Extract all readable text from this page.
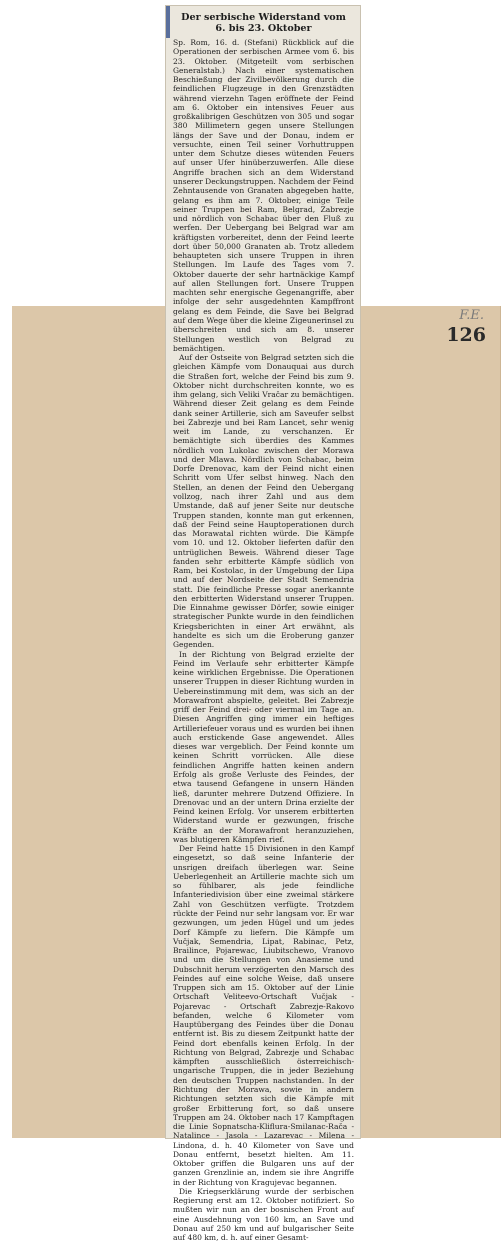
F.E.
126
Der serbische Widerstand vom
6. bis 23. Oktober

Sp. Rom, 16. d. (Stefani) Rückblick auf die Operationen der serbischen Armee vom 6. bis 23. Oktober. (Mitgeteilt vom serbischen Generalstab.) Nach einer systematischen Beschießung der Zivilbevölkerung durch die feindlichen Flugzeuge in den Grenzstädten während vierzehn Tagen eröffnete der Feind am 6. Oktober ein intensives Feuer aus großkalibrigen Geschützen von 305 und sogar 380 Millimetern gegen unsere Stellungen längs der Save und der Donau, indem er versuchte, einen Teil seiner Vorhuttruppen unter dem Schutze dieses wütenden Feuers auf unser Ufer hinüberzuwerfen. Alle diese Angriffe brachen sich an dem Widerstand unserer Deckungstruppen. Nachdem der Feind Zehntausende von Granaten abgegeben hatte, gelang es ihm am 7. Oktober, einige Teile seiner Truppen bei Ram, Belgrad, Zabrezje und nördlich von Schabac über den Fluß zu werfen. Der Uebergang bei Belgrad war am kräftigsten vorbereitet, denn der Feind leerte dort über 50,000 Granaten ab. Trotz alledem behaupteten sich unsere Truppen in ihren Stellungen. Im Laufe des Tages vom 7. Oktober dauerte der sehr hartnäckige Kampf auf allen Stellungen fort. Unsere Truppen machten sehr energische Gegenangriffe, aber infolge der sehr ausgedehnten Kampffront gelang es dem Feinde, die Save bei Belgrad auf dem Wege über die kleine Zigeunerinsel zu überschreiten und sich am 8. unserer Stellungen westlich von Belgrad zu bemächtigen.

Auf der Ostseite von Belgrad setzten sich die gleichen Kämpfe vom Donauquai aus durch die Straßen fort, welche der Feind bis zum 9. Oktober nicht durchschreiten konnte, wo es ihm gelang, sich Veliki Vračar zu bemächtigen. Während dieser Zeit gelang es dem Feinde dank seiner Artillerie, sich am Saveufer selbst bei Zabrezje und bei Ram Lancet, sehr wenig weit im Lande, zu verschanzen. Er bemächtigte sich überdies des Kammes nördlich von Lukolac zwischen der Morawa und der Mlawa. Nördlich von Schabac, beim Dorfe Drenovac, kam der Feind nicht einen Schritt vom Ufer selbst hinweg. Nach den Stellen, an denen der Feind den Uebergang vollzog, nach ihrer Zahl und aus dem Umstande, daß auf jener Seite nur deutsche Truppen standen, konnte man gut erkennen, daß der Feind seine Hauptoperationen durch das Morawatal richten würde. Die Kämpfe vom 10. und 12. Oktober lieferten dafür den untrüglichen Beweis. Während dieser Tage fanden sehr erbitterte Kämpfe südlich von Ram, bei Kostolac, in der Umgebung der Lipa und auf der Nordseite der Stadt Semendria statt. Die feindliche Presse sogar anerkannte den erbitterten Widerstand unserer Truppen. Die Einnahme gewisser Dörfer, sowie einiger strategischer Punkte wurde in den feindlichen Kriegsberichten in einer Art erwähnt, als handelte es sich um die Eroberung ganzer Gegenden.

In der Richtung von Belgrad erzielte der Feind im Verlaufe sehr erbitterter Kämpfe keine wirklichen Ergebnisse. Die Operationen unserer Truppen in dieser Richtung wurden in Uebereinstimmung mit dem, was sich an der Morawafront abspielte, geleitet. Bei Zabrezje griff der Feind drei- oder viermal im Tage an. Diesen Angriffen ging immer ein heftiges Artilleriefeuer voraus und es wurden bei ihnen auch erstickende Gase angewendet. Alles dieses war vergeblich. Der Feind konnte um keinen Schritt vorrücken. Alle diese feindlichen Angriffe hatten keinen andern Erfolg als große Verluste des Feindes, der etwa tausend Gefangene in unsern Händen ließ, darunter mehrere Dutzend Offiziere. In Drenovac und an der untern Drina erzielte der Feind keinen Erfolg. Vor unserem erbitterten Widerstand wurde er gezwungen, frische Kräfte an der Morawafront heranzuziehen, was blutigeren Kämpfen rief.

Der Feind hatte 15 Divisionen in den Kampf eingesetzt, so daß seine Infanterie der unsrigen dreifach überlegen war. Seine Ueberlegenheit an Artillerie machte sich um so fühlbarer, als jede feindliche Infanteriedivision über eine zweimal stärkere Zahl von Geschützen verfügte. Trotzdem rückte der Feind nur sehr langsam vor. Er war gezwungen, um jeden Hügel und um jedes Dorf Kämpfe zu liefern. Die Kämpfe um Vučjak, Semendria, Lipat, Rabinac, Petz, Brailince, Pojarewac, Liubitschewo, Vranovo und um die Stellungen von Anasieme und Dubschnit herum verzögerten den Marsch des Feindes auf eine solche Weise, daß unsere Truppen sich am 15. Oktober auf der Linie Ortschaft Veliteevo-Ortschaft Vučjak - Pojarevac - Ortschaft Zabrezje-Rakovo befanden, welche 6 Kilometer vom Hauptübergang des Feindes über die Donau entfernt ist. Bis zu diesem Zeitpunkt hatte der Feind dort ebenfalls keinen Erfolg. In der Richtung von Belgrad, Zabrezje und Schabac kämpften ausschließlich österreichisch-ungarische Truppen, die in jeder Beziehung den deutschen Truppen nachstanden. In der Richtung der Morawa, sowie in andern Richtungen setzten sich die Kämpfe mit großer Erbitterung fort, so daß unsere Truppen am 24. Oktober nach 17 Kampftagen die Linie Sopnatscha-Kliflura-Smilanac-Rača - Natalince - Jasola - Lazarevac - Milena - Lindona, d. h. 40 Kilometer von Save und Donau entfernt, besetzt hielten. Am 11. Oktober griffen die Bulgaren uns auf der ganzen Grenzlinie an, indem sie ihre Angriffe in der Richtung von Kragujevac begannen.

Die Kriegserklärung wurde der serbischen Regierung erst am 12. Oktober notifiziert. So mußten wir nun an der bosnischen Front auf eine Ausdehnung von 160 km, an Save und Donau auf 250 km und auf bulgarischer Seite auf 480 km, d. h. auf einer Gesamt-
